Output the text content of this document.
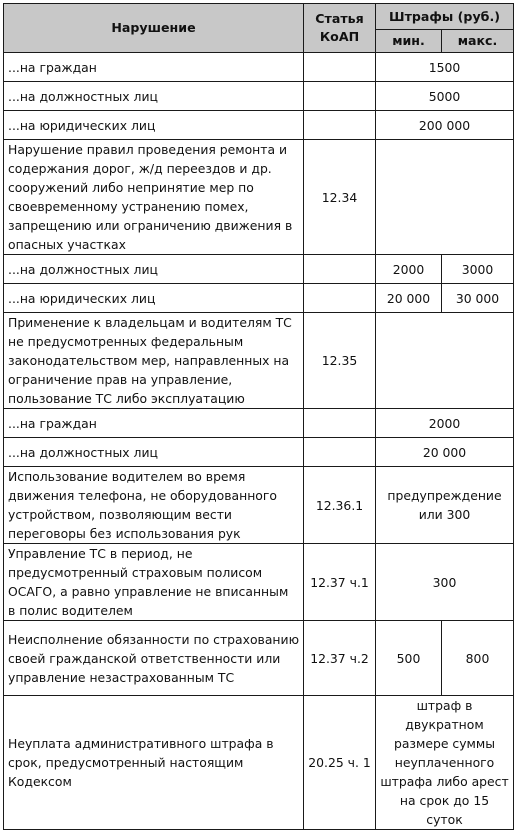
Нарушение	Статья КоАП	Штрафы (руб.)	
		мин.	макс.
...на граждан		1500	
...на должностных лиц		5000	
...на юридических лиц		200 000	
Нарушение правил проведения ремонта и содержания дорог, ж/д переездов и др. сооружений либо непринятие мер по своевременному устранению помех, запрещению или ограничению движения в опасных участках	12.34		
...на должностных лиц		2000	3000
...на юридических лиц		20 000	30 000
Применение к владельцам и водителям ТС не предусмотренных федеральным законодательством мер, направленных на ограничение прав на управление, пользование ТС либо эксплуатацию	12.35		
...на граждан		2000	
...на должностных лиц		20 000	
Использование водителем во время движения телефона, не оборудованного устройством, позволяющим вести переговоры без использования рук	12.36.1	предупреждение или 300	
Управление ТС в период, не предусмотренный страховым полисом ОСАГО, а равно управление не вписанным в полис водителем	12.37 ч.1	300	
Неисполнение обязанности по страхованию своей гражданской ответственности или управление незастрахованным ТС	12.37 ч.2	500	800
Неуплата административного штрафа в срок, предусмотренный настоящим Кодексом	20.25 ч. 1	штраф в двукратном размере суммы неуплаченного штрафа либо арест на срок до 15 суток	
